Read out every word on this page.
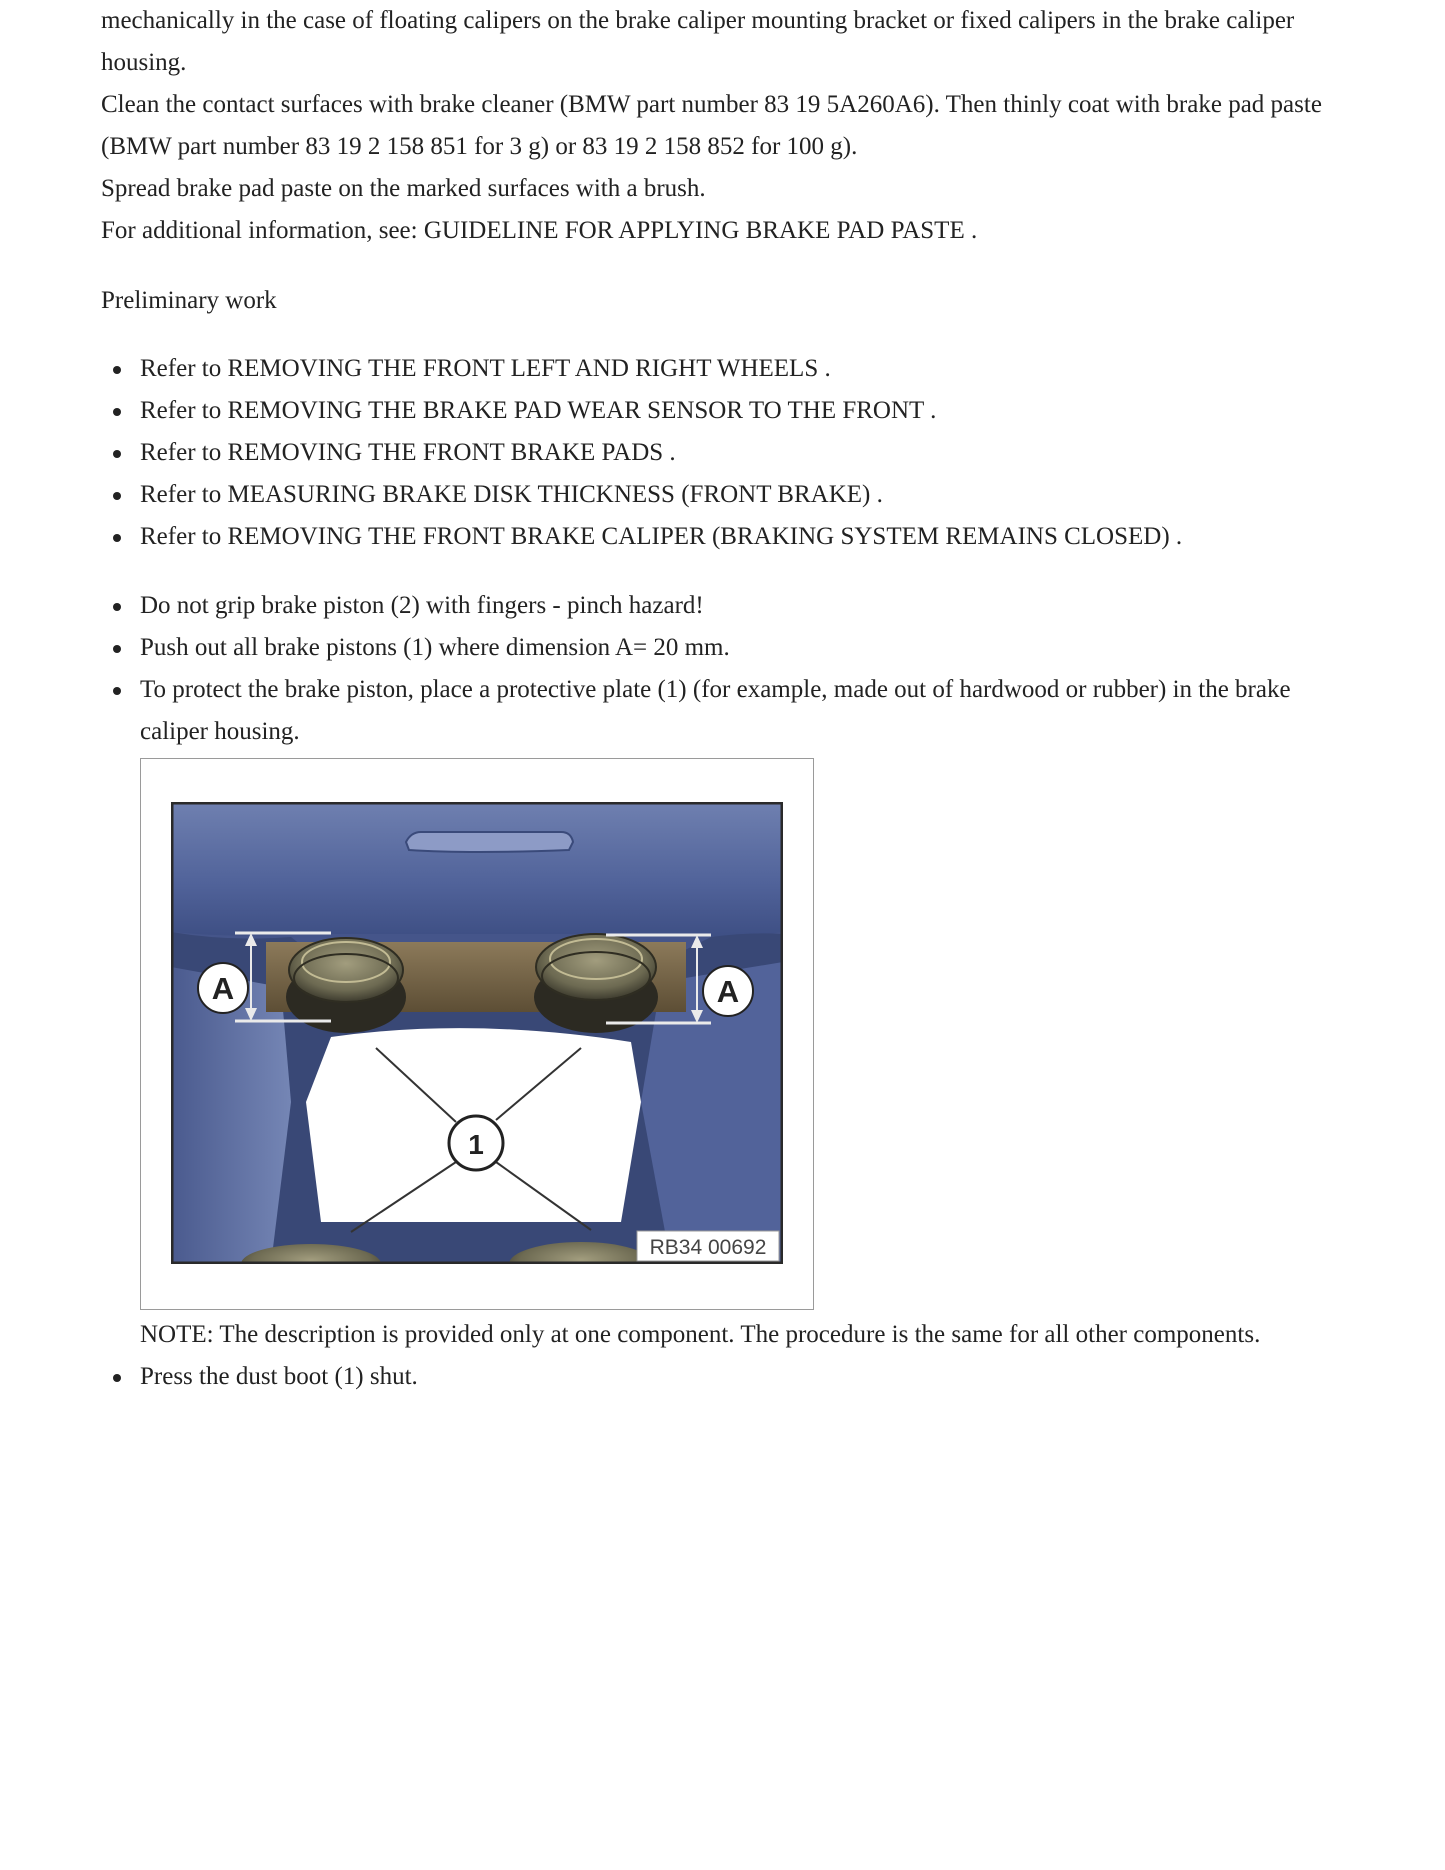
mechanically in the case of floating calipers on the brake caliper mounting bracket or fixed calipers in the brake caliper housing.

Clean the contact surfaces with brake cleaner (BMW part number 83 19 5A260A6). Then thinly coat with brake pad paste (BMW part number 83 19 2 158 851 for 3 g) or 83 19 2 158 852 for 100 g).

Spread brake pad paste on the marked surfaces with a brush.

For additional information, see: GUIDELINE FOR APPLYING BRAKE PAD PASTE .

Preliminary work

Refer to REMOVING THE FRONT LEFT AND RIGHT WHEELS .
Refer to REMOVING THE BRAKE PAD WEAR SENSOR TO THE FRONT .
Refer to REMOVING THE FRONT BRAKE PADS .
Refer to MEASURING BRAKE DISK THICKNESS (FRONT BRAKE) .
Refer to REMOVING THE FRONT BRAKE CALIPER (BRAKING SYSTEM REMAINS CLOSED) .
Do not grip brake piston (2) with fingers - pinch hazard!
Push out all brake pistons (1) where dimension A= 20 mm.
To protect the brake piston, place a protective plate (1) (for example, made out of hardwood or rubber) in the brake caliper housing.
A	A
1
RB34 00692

NOTE: The description is provided only at one component. The procedure is the same for all other components.

Press the dust boot (1) shut.
